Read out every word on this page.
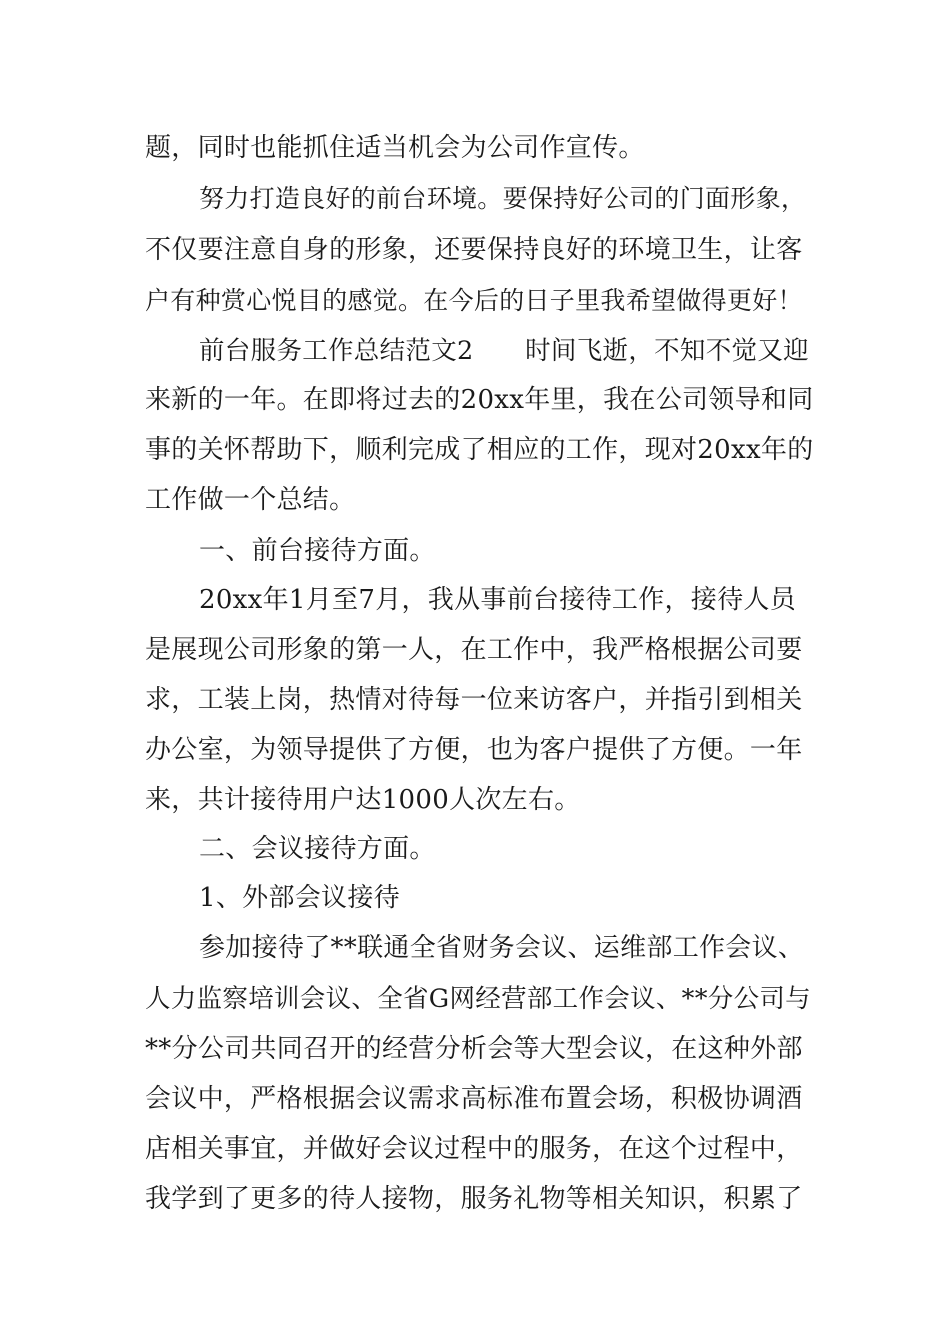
题，同时也能抓住适当机会为公司作宣传。
努力打造良好的前台环境。要保持好公司的门面形象，
不仅要注意自身的形象，还要保持良好的环境卫生，让客
户有种赏心悦目的感觉。在今后的日子里我希望做得更好！
前台服务工作总结范文2　　时间飞逝，不知不觉又迎
来新的一年。在即将过去的20xx年里，我在公司领导和同
事的关怀帮助下，顺利完成了相应的工作，现对20xx年的
工作做一个总结。
一、前台接待方面。
20xx年1月至7月，我从事前台接待工作，接待人员
是展现公司形象的第一人，在工作中，我严格根据公司要
求，工装上岗，热情对待每一位来访客户，并指引到相关
办公室，为领导提供了方便，也为客户提供了方便。一年
来，共计接待用户达1000人次左右。
二、会议接待方面。
1、外部会议接待
参加接待了**联通全省财务会议、运维部工作会议、
人力监察培训会议、全省G网经营部工作会议、**分公司与
**分公司共同召开的经营分析会等大型会议，在这种外部
会议中，严格根据会议需求高标准布置会场，积极协调酒
店相关事宜，并做好会议过程中的服务，在这个过程中，
我学到了更多的待人接物，服务礼物等相关知识，积累了
